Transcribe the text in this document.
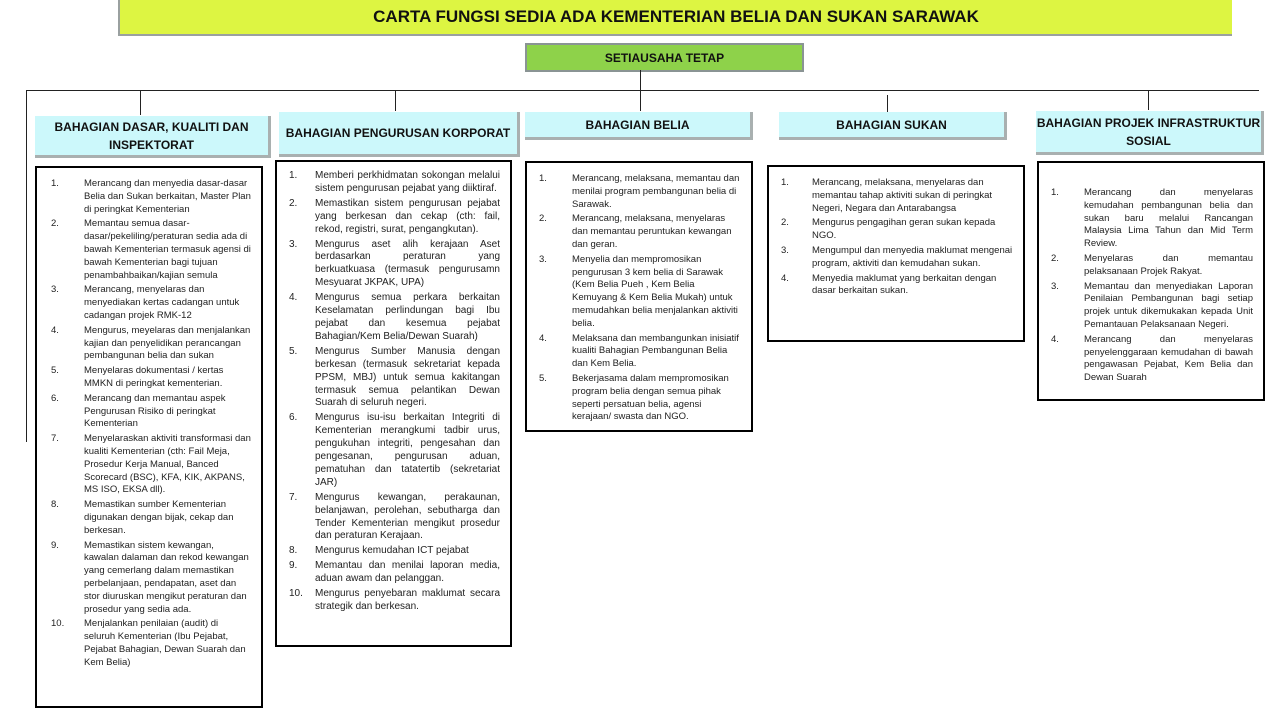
CARTA FUNGSI SEDIA ADA KEMENTERIAN BELIA DAN SUKAN SARAWAK
SETIAUSAHA TETAP
BAHAGIAN DASAR, KUALITI DAN INSPEKTORAT
BAHAGIAN PENGURUSAN KORPORAT
BAHAGIAN BELIA	BAHAGIAN SUKAN	BAHAGIAN PROJEK INFRASTRUKTUR SOSIAL
1.	Merancang dan menyedia dasar-dasar Belia dan Sukan berkaitan, Master Plan di peringkat Kementerian
2.	Memantau semua dasar-dasar/pekeliling/peraturan sedia ada di bawah Kementerian termasuk agensi di bawah Kementerian bagi tujuan penambahbaikan/kajian semula
3.	Merancang, menyelaras dan menyediakan kertas cadangan untuk cadangan projek RMK-12
4.	Mengurus, meyelaras dan menjalankan kajian dan penyelidikan perancangan pembangunan belia dan sukan
5.	Menyelaras dokumentasi / kertas MMKN di peringkat kementerian.
6.	Merancang dan memantau aspek Pengurusan Risiko di peringkat Kementerian
7.	Menyelaraskan aktiviti transformasi dan kualiti Kementerian (cth: Fail Meja, Prosedur Kerja Manual, Banced Scorecard (BSC), KFA, KIK, AKPANS, MS ISO, EKSA dll).
8.	Memastikan sumber Kementerian digunakan dengan bijak, cekap dan berkesan.
9.	Memastikan sistem kewangan, kawalan dalaman dan rekod kewangan yang cemerlang dalam memastikan perbelanjaan, pendapatan, aset dan stor diuruskan mengikut peraturan dan prosedur yang sedia ada.
10.	Menjalankan penilaian (audit) di seluruh Kementerian (Ibu Pejabat, Pejabat Bahagian, Dewan Suarah dan Kem Belia)
1.	Memberi perkhidmatan sokongan melalui sistem pengurusan pejabat yang diiktiraf.
2.	Memastikan sistem pengurusan pejabat yang berkesan dan cekap (cth: fail, rekod, registri, surat, pengangkutan).
3.	Mengurus aset alih kerajaan Aset berdasarkan peraturan yang berkuatkuasa (termasuk pengurusamn Mesyuarat JKPAK, UPA)
4.	Mengurus semua perkara berkaitan Keselamatan perlindungan bagi Ibu pejabat dan kesemua pejabat Bahagian/Kem Belia/Dewan Suarah)
5.	Mengurus Sumber Manusia dengan berkesan (termasuk sekretariat kepada PPSM, MBJ) untuk semua kakitangan termasuk semua pelantikan Dewan Suarah di seluruh negeri.
6.	Mengurus isu-isu berkaitan Integriti di Kementerian merangkumi tadbir urus, pengukuhan integriti, pengesahan dan pengesanan, pengurusan aduan, pematuhan dan tatatertib (sekretariat JAR)
7.	Mengurus kewangan, perakaunan, belanjawan, perolehan, sebutharga dan Tender Kementerian mengikut prosedur dan peraturan Kerajaan.
8.	Mengurus kemudahan ICT pejabat
9.	Memantau dan menilai laporan media, aduan awam dan pelanggan.
10.	Mengurus penyebaran maklumat secara strategik dan berkesan.
1.	Merancang, melaksana, memantau dan menilai program pembangunan belia di Sarawak.
2.	Merancang, melaksana, menyelaras dan memantau peruntukan kewangan dan geran.
3.	Menyelia dan mempromosikan pengurusan 3 kem belia di Sarawak (Kem Belia Pueh , Kem Belia Kemuyang & Kem Belia Mukah) untuk memudahkan belia menjalankan aktiviti belia.
4.	Melaksana dan membangunkan inisiatif kualiti Bahagian Pembangunan Belia dan Kem Belia.
5.	Bekerjasama dalam mempromosikan program belia dengan semua pihak seperti persatuan belia, agensi kerajaan/ swasta dan NGO.
1.	Merancang, melaksana, menyelaras dan memantau tahap aktiviti sukan di peringkat Negeri, Negara dan Antarabangsa
2.	Mengurus pengagihan geran sukan kepada NGO.
3.	Mengumpul dan menyedia maklumat mengenai program, aktiviti dan kemudahan sukan.
4.	Menyedia maklumat yang berkaitan dengan dasar berkaitan sukan.
1.	Merancang dan menyelaras kemudahan pembangunan belia dan sukan baru melalui Rancangan Malaysia Lima Tahun dan Mid Term Review.
2.	Menyelaras dan memantau pelaksanaan Projek Rakyat.
3.	Memantau dan menyediakan Laporan Penilaian Pembangunan bagi setiap projek untuk dikemukakan kepada Unit Pemantauan Pelaksanaan Negeri.
4.	Merancang dan menyelaras penyelenggaraan kemudahan di bawah pengawasan Pejabat, Kem Belia dan Dewan Suarah
